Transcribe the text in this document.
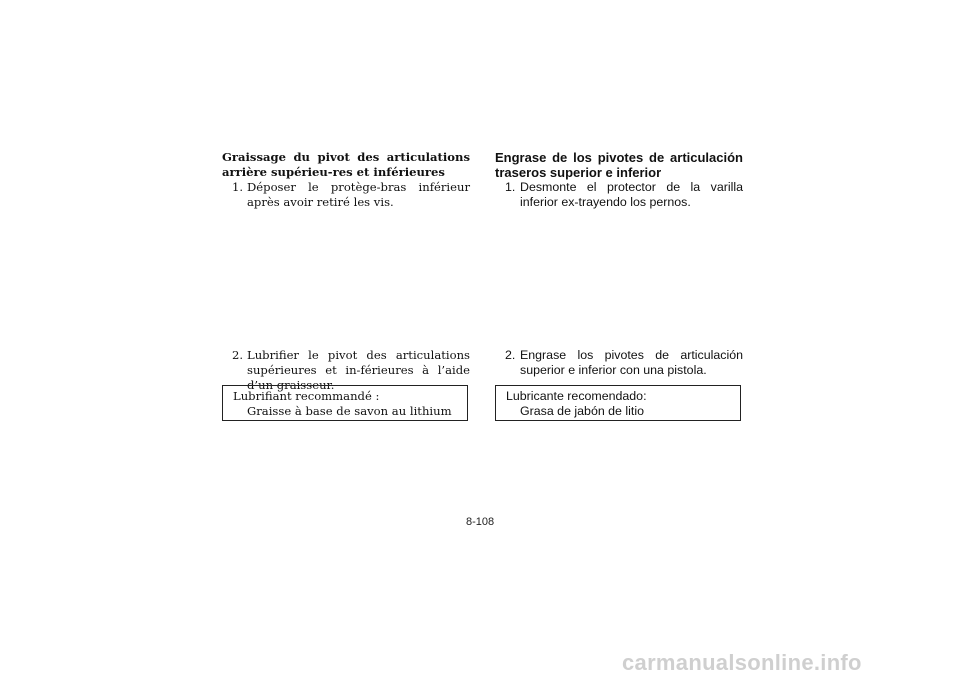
Graissage du pivot des articulations arrière supérieu-res et inférieures

1. Déposer le protège-bras inférieur après avoir retiré les vis.

2. Lubrifier le pivot des articulations supérieures et in-férieures à l’aide d’un graisseur.

Lubrifiant recommandé :

Graisse à base de savon au lithium

Engrase de los pivotes de articulación traseros superior e inferior

1. Desmonte el protector de la varilla inferior ex-trayendo los pernos.

2. Engrase los pivotes de articulación superior e inferior con una pistola.

Lubricante recomendado:

Grasa de jabón de litio

8-108
carmanualsonline.info
